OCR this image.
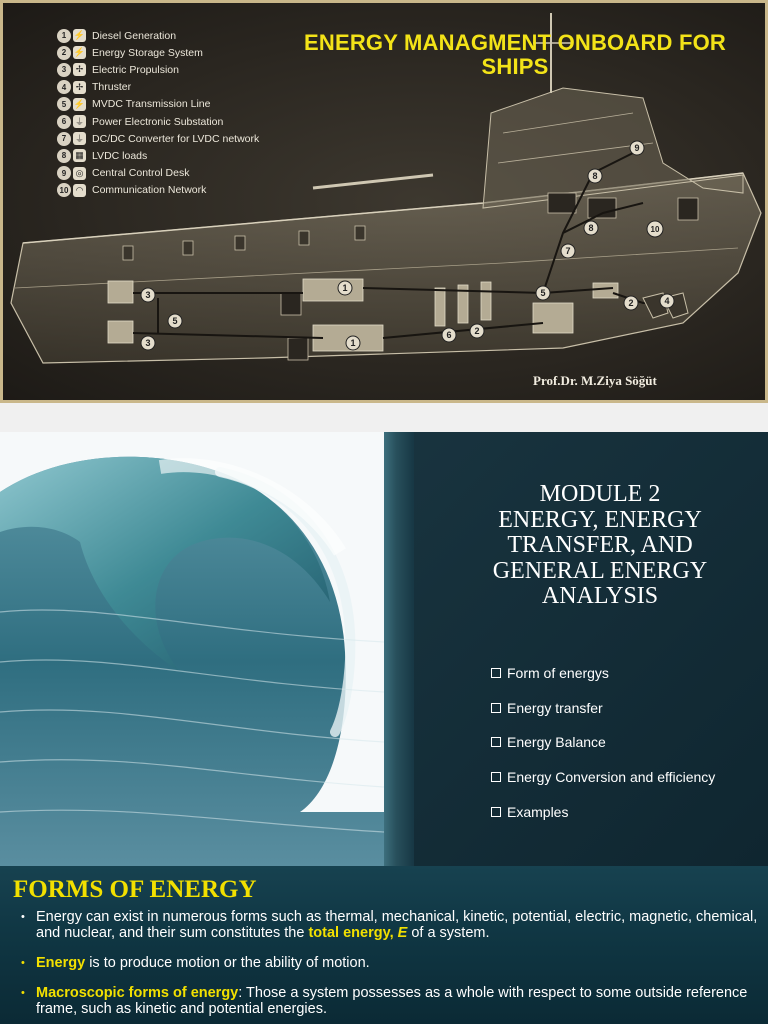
1
1
2
2
3
3
4
5
5
6
7
8
8
9
10
1 ⚡ Diesel Generation
2 ⚡ Energy Storage System
3	✢ Electric Propulsion
4	✢ Thruster
5 ⚡ MVDC Transmission Line
6 ⏚ Power Electronic Substation
7 ⏚ DC/DC Converter for LVDC network
8	▦ LVDC loads
9	◎ Central Control Desk
10 ◠ Communication Network
ENERGY MANAGMENT ONBOARD FOR SHIPS
Prof.Dr. M.Ziya Söğüt
MODULE 2
ENERGY, ENERGY
TRANSFER, AND
GENERAL ENERGY
ANALYSIS
Form of energys
Energy transfer
Energy Balance
Energy Conversion and efficiency
Examples
FORMS OF ENERGY
• Energy can exist in numerous forms such as thermal, mechanical, kinetic, potential, electric, magnetic, chemical, and nuclear, and their sum constitutes the total energy, E of a system.
• Energy is to produce motion or the ability of motion.
• Macroscopic forms of energy: Those a system possesses as a whole with respect to some outside reference frame, such as kinetic and potential energies.
